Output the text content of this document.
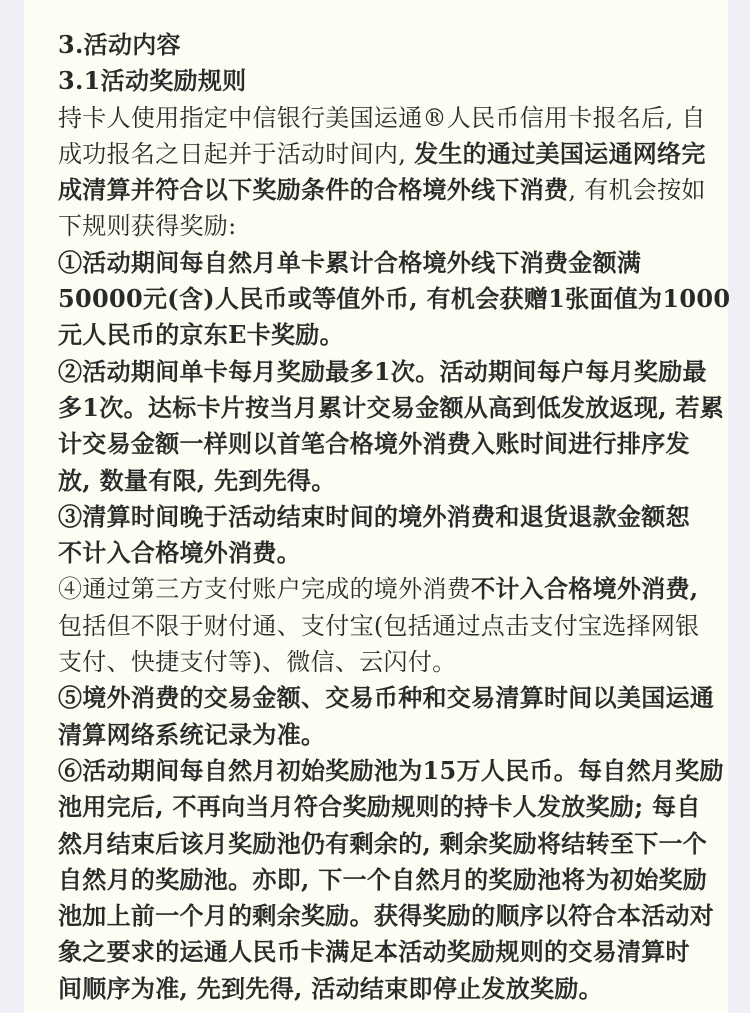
3.活动内容
3.1活动奖励规则
持卡人使用指定中信银行美国运通®人民币信用卡报名后, 自
成功报名之日起并于活动时间内, 发生的通过美国运通网络完
成清算并符合以下奖励条件的合格境外线下消费, 有机会按如
下规则获得奖励:
①活动期间每自然月单卡累计合格境外线下消费金额满
50000元(含)人民币或等值外币, 有机会获赠1张面值为1000
元人民币的京东E卡奖励。
②活动期间单卡每月奖励最多1次。活动期间每户每月奖励最
多1次。达标卡片按当月累计交易金额从高到低发放返现, 若累
计交易金额一样则以首笔合格境外消费入账时间进行排序发
放, 数量有限, 先到先得。
③清算时间晚于活动结束时间的境外消费和退货退款金额恕
不计入合格境外消费。
④通过第三方支付账户完成的境外消费不计入合格境外消费,
包括但不限于财付通、支付宝(包括通过点击支付宝选择网银
支付、快捷支付等)、微信、云闪付。
⑤境外消费的交易金额、交易币种和交易清算时间以美国运通
清算网络系统记录为准。
⑥活动期间每自然月初始奖励池为15万人民币。每自然月奖励
池用完后, 不再向当月符合奖励规则的持卡人发放奖励; 每自
然月结束后该月奖励池仍有剩余的, 剩余奖励将结转至下一个
自然月的奖励池。亦即, 下一个自然月的奖励池将为初始奖励
池加上前一个月的剩余奖励。获得奖励的顺序以符合本活动对
象之要求的运通人民币卡满足本活动奖励规则的交易清算时
间顺序为准, 先到先得, 活动结束即停止发放奖励。
